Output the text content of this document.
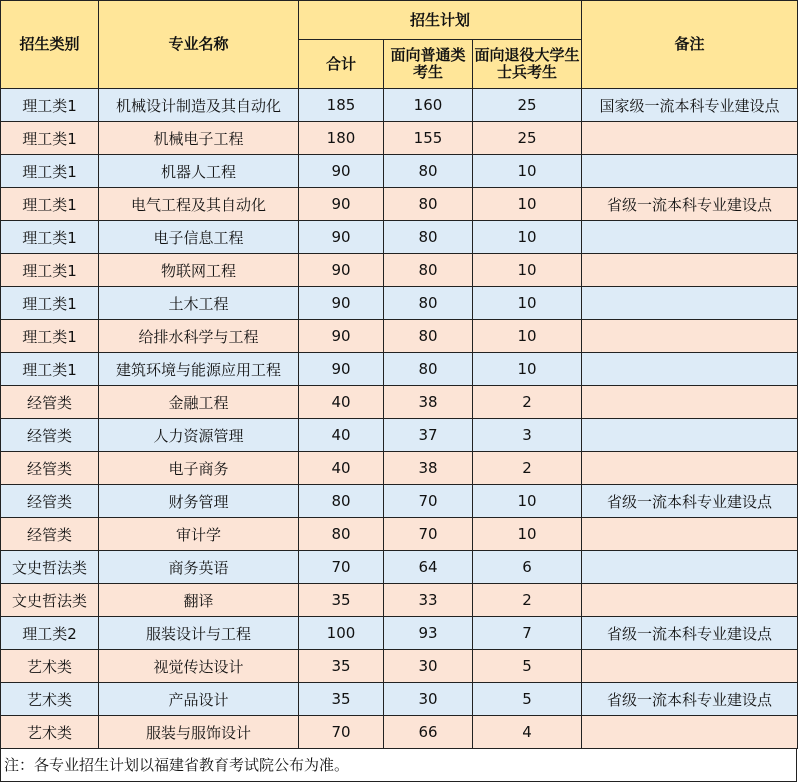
招生类别	专业名称	招生计划			备注
		合计	面向普通类考生	面向退役大学生士兵考生	
理工类1	机械设计制造及其自动化	185	160	25	国家级一流本科专业建设点
理工类1	机械电子工程	180	155	25	
理工类1	机器人工程	90	80	10	
理工类1	电气工程及其自动化	90	80	10	省级一流本科专业建设点
理工类1	电子信息工程	90	80	10	
理工类1	物联网工程	90	80	10	
理工类1	土木工程	90	80	10	
理工类1	给排水科学与工程	90	80	10	
理工类1	建筑环境与能源应用工程	90	80	10	
经管类	金融工程	40	38	2	
经管类	人力资源管理	40	37	3	
经管类	电子商务	40	38	2	
经管类	财务管理	80	70	10	省级一流本科专业建设点
经管类	审计学	80	70	10	
文史哲法类	商务英语	70	64	6	
文史哲法类	翻译	35	33	2	
理工类2	服装设计与工程	100	93	7	省级一流本科专业建设点
艺术类	视觉传达设计	35	30	5	
艺术类	产品设计	35	30	5	省级一流本科专业建设点
艺术类	服装与服饰设计	70	66	4	
注：各专业招生计划以福建省教育考试院公布为准。
